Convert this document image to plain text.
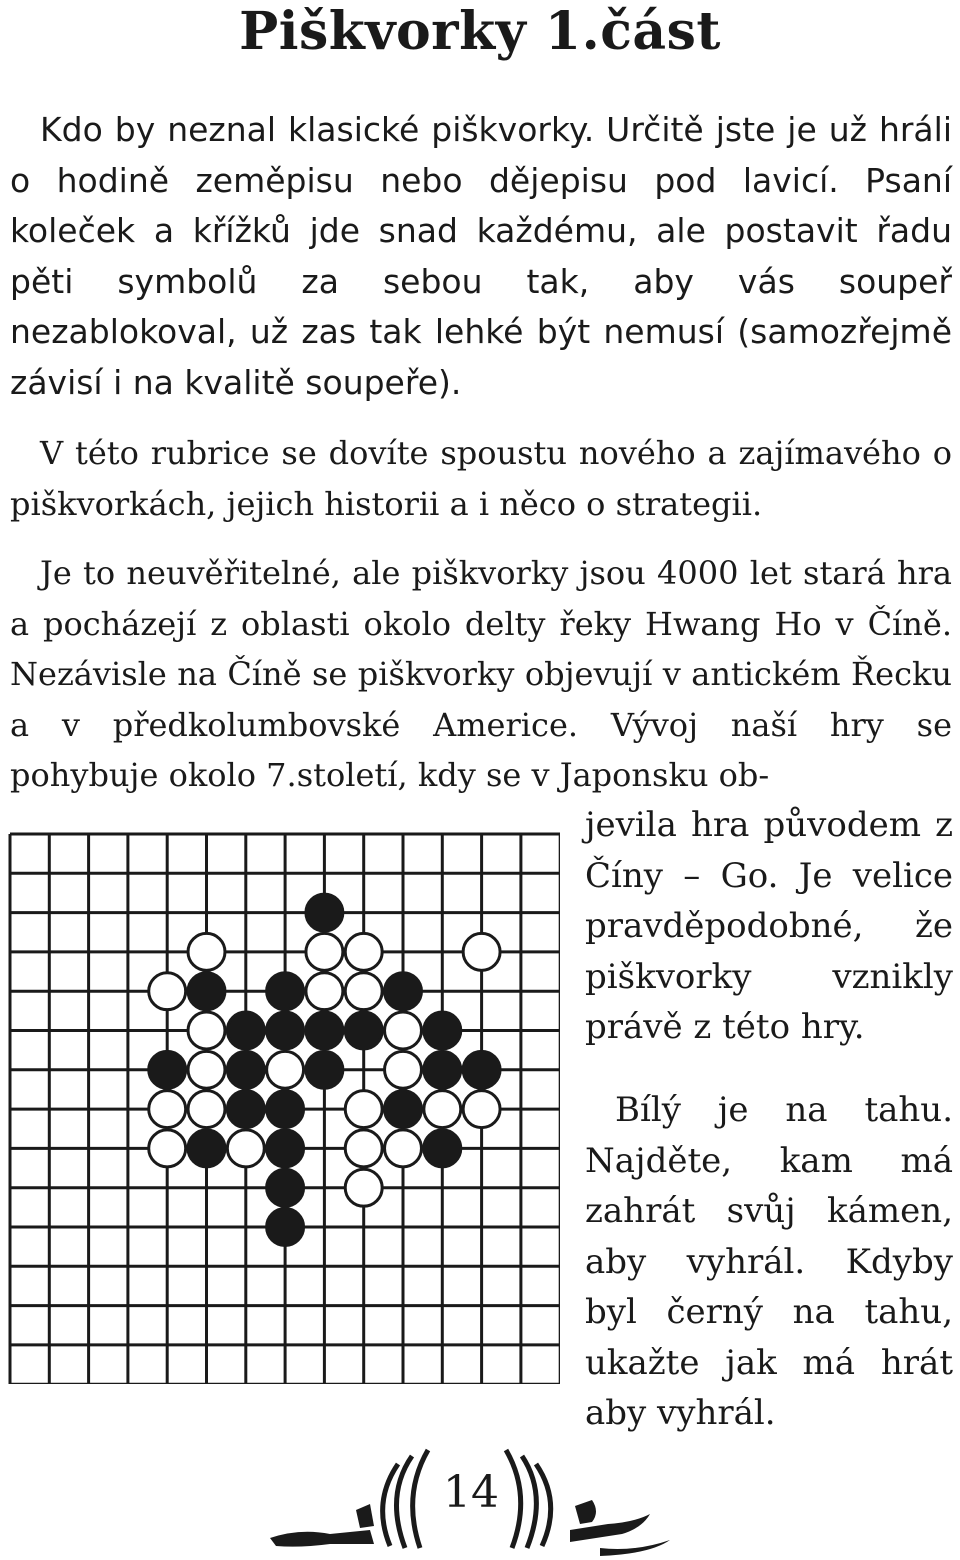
Piškvorky 1.část

Kdo by neznal klasické piškvorky. Určitě jste je už hráli o hodině zeměpisu nebo dějepisu pod lavicí. Psaní koleček a křížků jde snad každému, ale postavit řadu pěti symbolů za sebou tak, aby vás soupeř nezablokoval, už zas tak lehké být nemusí (samozřejmě závisí i na kvalitě soupeře).

V této rubrice se dovíte spoustu nového a zajímavého o piškvorkách, jejich historii a i něco o strategii.

Je to neuvěřitelné, ale piškvorky jsou 4000 let stará hra a pocházejí z oblasti okolo delty řeky Hwang Ho v Číně. Nezávisle na Číně se piškvorky objevují v antickém Řecku a v předkolumbovské Americe. Vývoj naší hry se pohybuje okolo 7.století, kdy se v Japonsku ob-

jevila hra původem z Číny – Go. Je velice pravděpodobné, že piškvorky vznikly právě z této hry.

Bílý je na tahu. Najděte, kam má zahrát svůj kámen, aby vyhrál. Kdyby byl černý na tahu, ukažte jak má hrát aby vyhrál.

14
